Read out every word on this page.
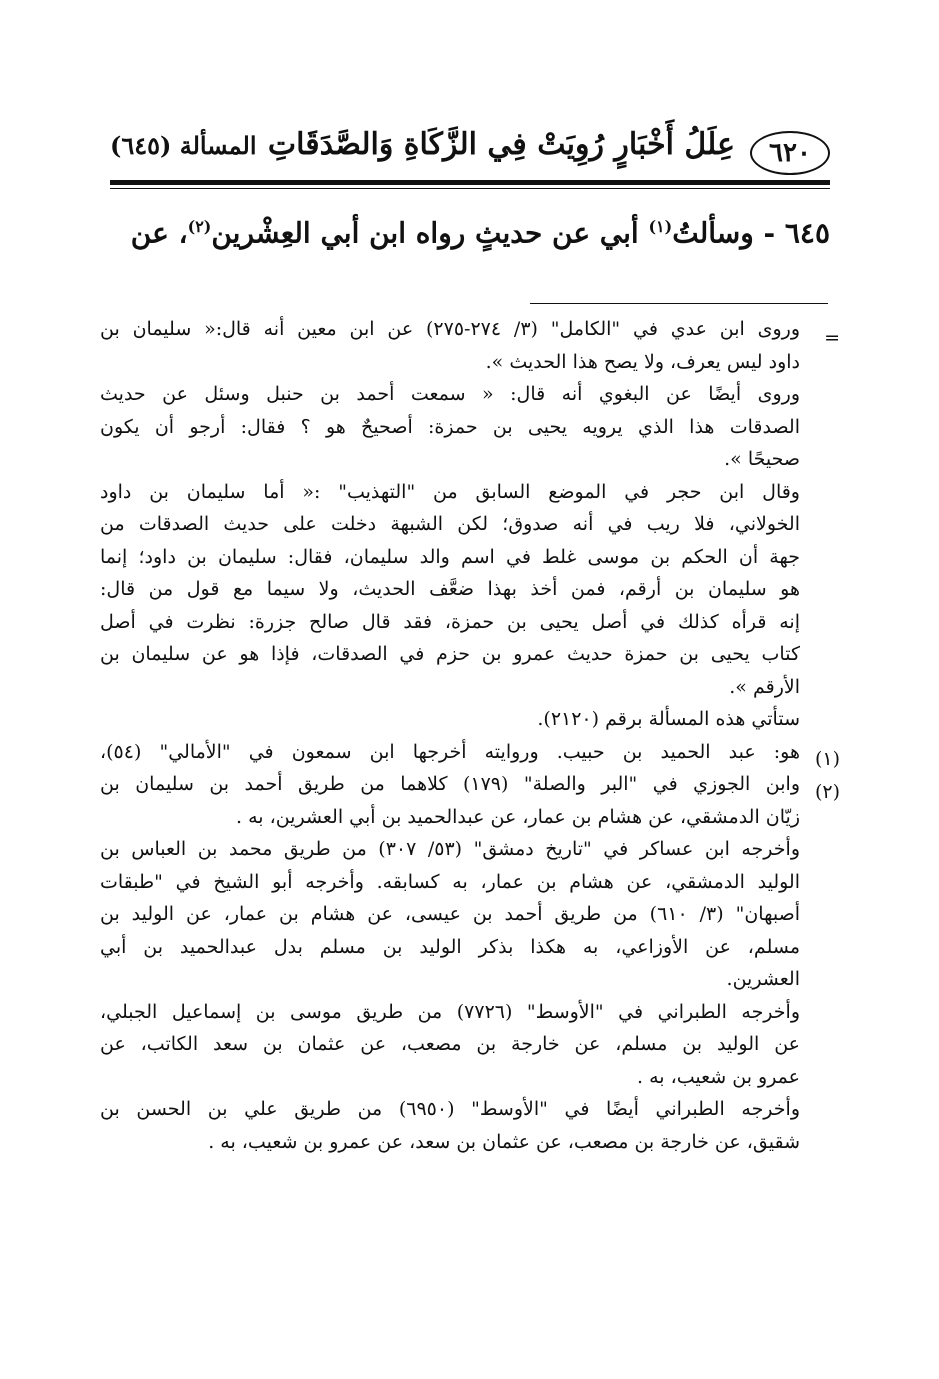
٦٢٠
عِلَلُ أَخْبَارٍ رُوِيَتْ فِي الزَّكَاةِ وَالصَّدَقَاتِ
المسألة (٦٤٥)
٦٤٥ - وسألتُ$^{(١)}$ أبي عن حديثٍ رواه ابن أبي العِشْرين$^{(٢)}$، عن
=
(١)
(٢)
وروى ابن عدي في "الكامل" (٣/ ٢٧٤-٢٧٥) عن ابن معين أنه قال:« سليمان بن
داود ليس يعرف، ولا يصح هذا الحديث ».
وروى أيضًا عن البغوي أنه قال: « سمعت أحمد بن حنبل وسئل عن حديث
الصدقات هذا الذي يرويه يحيى بن حمزة: أصحيحٌ هو ؟ فقال: أرجو أن يكون
صحيحًا ».
وقال ابن حجر في الموضع السابق من "التهذيب" :« أما سليمان بن داود
الخولاني، فلا ريب في أنه صدوق؛ لكن الشبهة دخلت على حديث الصدقات من
جهة أن الحكم بن موسى غلط في اسم والد سليمان، فقال: سليمان بن داود؛ إنما
هو سليمان بن أرقم، فمن أخذ بهذا ضعَّف الحديث، ولا سيما مع قول من قال:
إنه قرأه كذلك في أصل يحيى بن حمزة، فقد قال صالح جزرة: نظرت في أصل
كتاب يحيى بن حمزة حديث عمرو بن حزم في الصدقات، فإذا هو عن سليمان بن
الأرقم ».
ستأتي هذه المسألة برقم (٢١٢٠).
هو: عبد الحميد بن حبيب. وروايته أخرجها ابن سمعون في "الأمالي" (٥٤)،
وابن الجوزي في "البر والصلة" (١٧٩) كلاهما من طريق أحمد بن سليمان بن
زيّان الدمشقي، عن هشام بن عمار، عن عبدالحميد بن أبي العشرين، به .
وأخرجه ابن عساكر في "تاريخ دمشق" (٥٣/ ٣٠٧) من طريق محمد بن العباس بن
الوليد الدمشقي، عن هشام بن عمار، به كسابقه. وأخرجه أبو الشيخ في "طبقات
أصبهان" (٣/ ٦١٠) من طريق أحمد بن عيسى، عن هشام بن عمار، عن الوليد بن
مسلم، عن الأوزاعي، به هكذا بذكر الوليد بن مسلم بدل عبدالحميد بن أبي
العشرين.
وأخرجه الطبراني في "الأوسط" (٧٧٢٦) من طريق موسى بن إسماعيل الجبلي،
عن الوليد بن مسلم، عن خارجة بن مصعب، عن عثمان بن سعد الكاتب، عن
عمرو بن شعيب، به .
وأخرجه الطبراني أيضًا في "الأوسط" (٦٩٥٠) من طريق علي بن الحسن بن
شقيق، عن خارجة بن مصعب، عن عثمان بن سعد، عن عمرو بن شعيب، به .
